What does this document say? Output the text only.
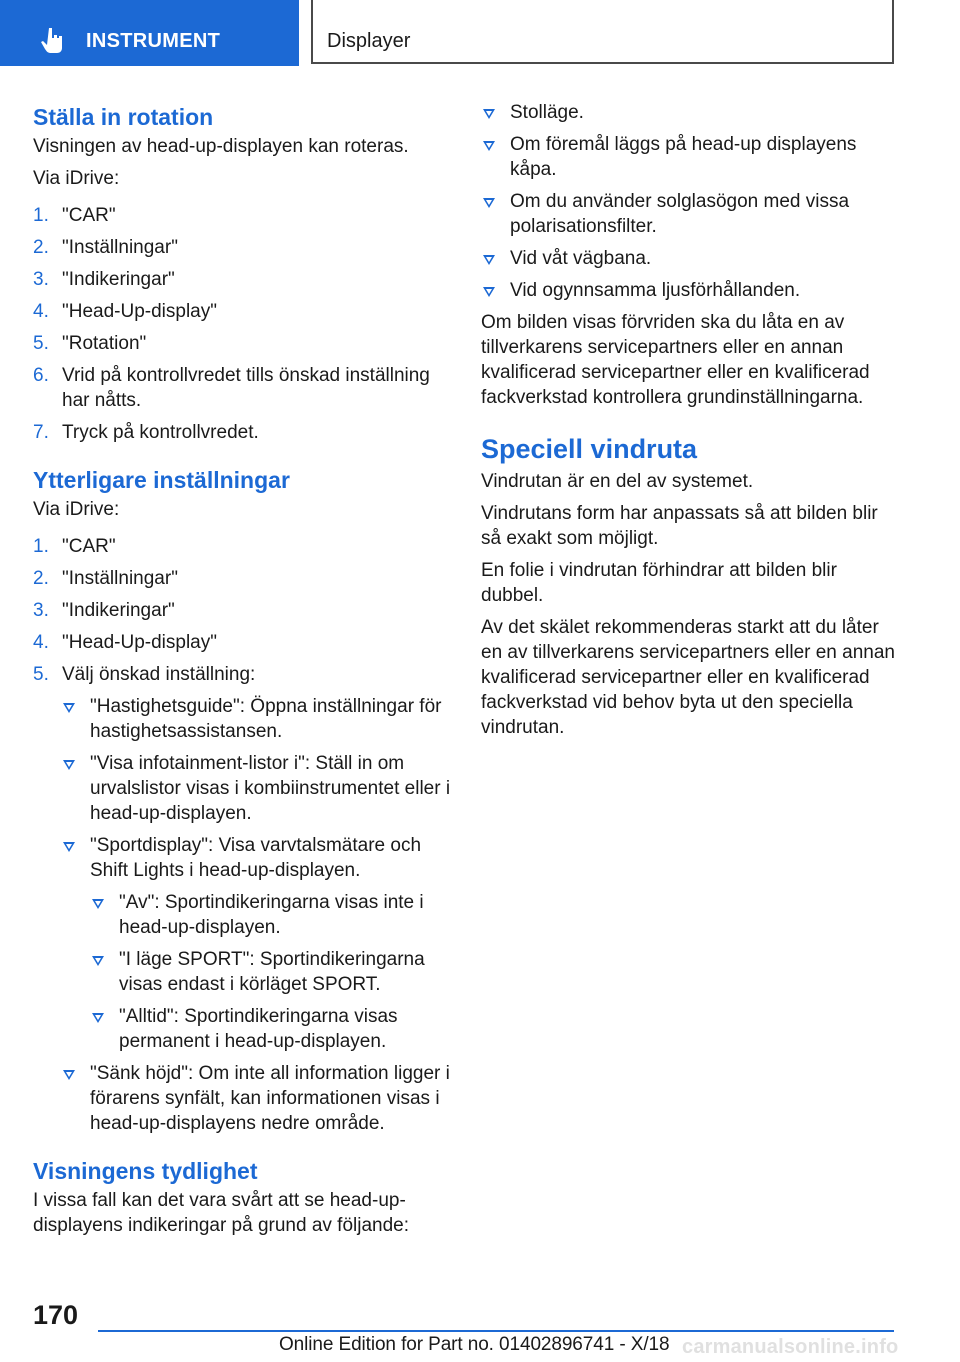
INSTRUMENT	Displayer
Ställa in rotation

Visningen av head-up-displayen kan roteras.

Via iDrive:

1. "CAR"
2. "Inställningar"
3. "Indikeringar"
4. "Head-Up-display"
5. "Rotation"
6. Vrid på kontrollvredet tills önskad inställning har nåtts.
7. Tryck på kontrollvredet.
Ytterligare inställningar

Via iDrive:

1. "CAR"
2. "Inställningar"
3. "Indikeringar"
4. "Head-Up-display"
5. Välj önskad inställning:
"Hastighetsguide": Öppna inställningar för hastighetsassistansen.
"Visa infotainment-listor i": Ställ in om urvalslistor visas i kombiinstrumentet eller i head-up-displayen.
"Sportdisplay": Visa varvtalsmätare och Shift Lights i head-up-displayen.
"Av": Sportindikeringarna visas inte i head-up-displayen.
"I läge SPORT": Sportindikeringarna visas endast i körläget SPORT.
"Alltid": Sportindikeringarna visas permanent i head-up-displayen.
"Sänk höjd": Om inte all information ligger i förarens synfält, kan informationen visas i head-up-displayens nedre område.
Visningens tydlighet

I vissa fall kan det vara svårt att se head-up-displayens indikeringar på grund av följande:

Stolläge.
Om föremål läggs på head-up displayens kåpa.
Om du använder solglasögon med vissa polarisationsfilter.
Vid våt vägbana.
Vid ogynnsamma ljusförhållanden.

Om bilden visas förvriden ska du låta en av tillverkarens servicepartners eller en annan kvalificerad servicepartner eller en kvalificerad fackverkstad kontrollera grundinställningarna.

Speciell vindruta

Vindrutan är en del av systemet.

Vindrutans form har anpassats så att bilden blir så exakt som möjligt.

En folie i vindrutan förhindrar att bilden blir dubbel.

Av det skälet rekommenderas starkt att du låter en av tillverkarens servicepartners eller en annan kvalificerad servicepartner eller en kvalificerad fackverkstad vid behov byta ut den speciella vindrutan.

170
Online Edition for Part no. 01402896741 - X/18 carmanualsonline.info
